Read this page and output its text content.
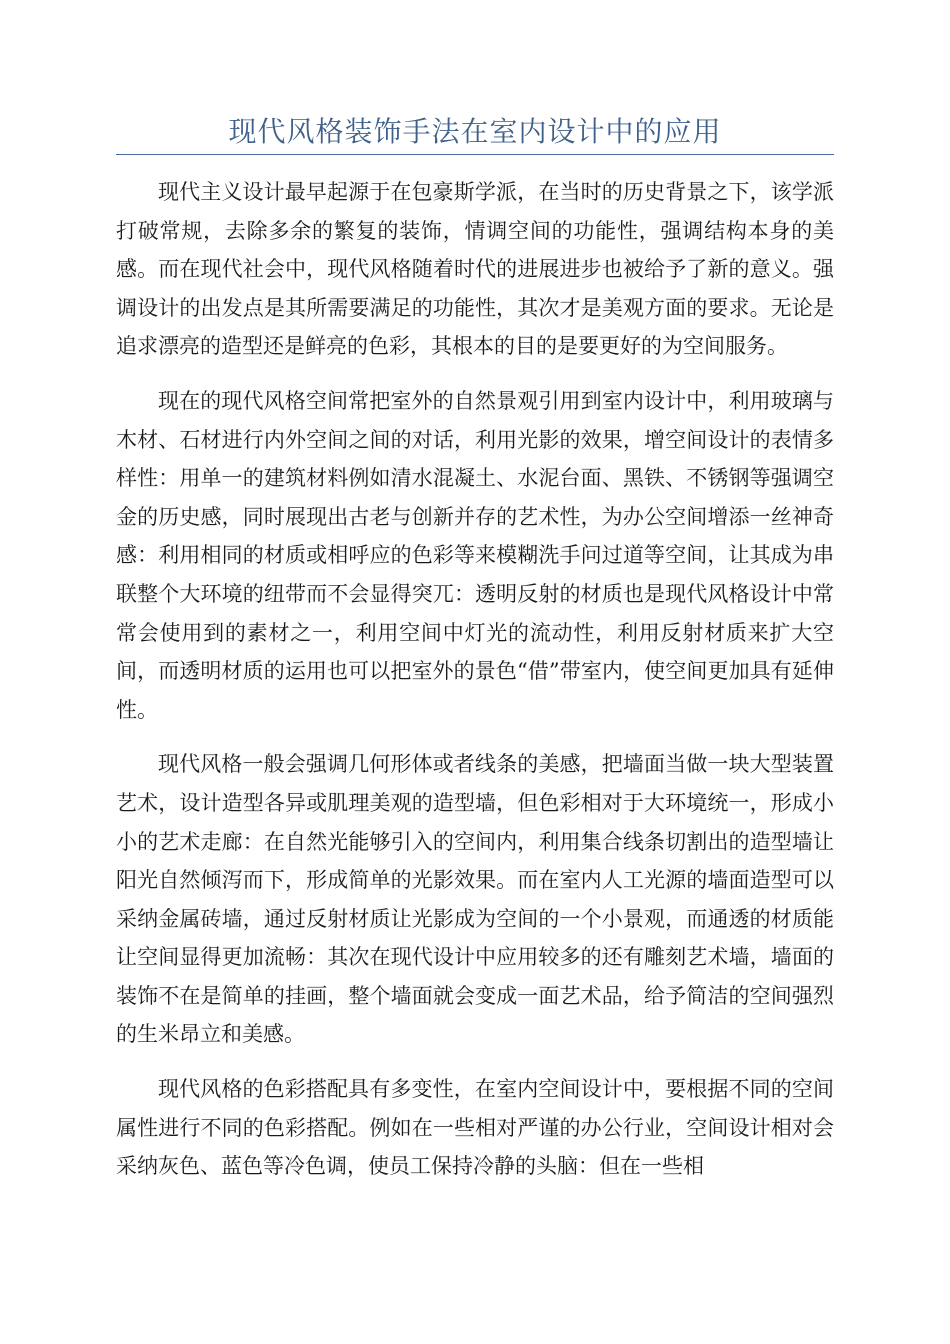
现代风格装饰手法在室内设计中的应用

现代主义设计最早起源于在包豪斯学派，在当时的历史背景之下，该学派打破常规，去除多余的繁复的装饰，情调空间的功能性，强调结构本身的美感。而在现代社会中，现代风格随着时代的进展进步也被给予了新的意义。强调设计的出发点是其所需要满足的功能性，其次才是美观方面的要求。无论是追求漂亮的造型还是鲜亮的色彩，其根本的目的是要更好的为空间服务。

现在的现代风格空间常把室外的自然景观引用到室内设计中，利用玻璃与木材、石材进行内外空间之间的对话，利用光影的效果，增空间设计的表情多样性：用单一的建筑材料例如清水混凝土、水泥台面、黑铁、不锈钢等强调空金的历史感，同时展现出古老与创新并存的艺术性，为办公空间增添一丝神奇感：利用相同的材质或相呼应的色彩等来模糊洗手问过道等空间，让其成为串联整个大环境的纽带而不会显得突兀：透明反射的材质也是现代风格设计中常常会使用到的素材之一，利用空间中灯光的流动性，利用反射材质来扩大空间，而透明材质的运用也可以把室外的景色“借”带室内，使空间更加具有延伸性。

现代风格一般会强调几何形体或者线条的美感，把墙面当做一块大型装置艺术，设计造型各异或肌理美观的造型墙，但色彩相对于大环境统一，形成小小的艺术走廊：在自然光能够引入的空间内，利用集合线条切割出的造型墙让阳光自然倾泻而下，形成简单的光影效果。而在室内人工光源的墙面造型可以采纳金属砖墙，通过反射材质让光影成为空间的一个小景观，而通透的材质能让空间显得更加流畅：其次在现代设计中应用较多的还有雕刻艺术墙，墙面的装饰不在是简单的挂画，整个墙面就会变成一面艺术品，给予简洁的空间强烈的生米昂立和美感。

现代风格的色彩搭配具有多变性，在室内空间设计中，要根据不同的空间属性进行不同的色彩搭配。例如在一些相对严谨的办公行业，空间设计相对会采纳灰色、蓝色等冷色调，使员工保持冷静的头脑：但在一些相
